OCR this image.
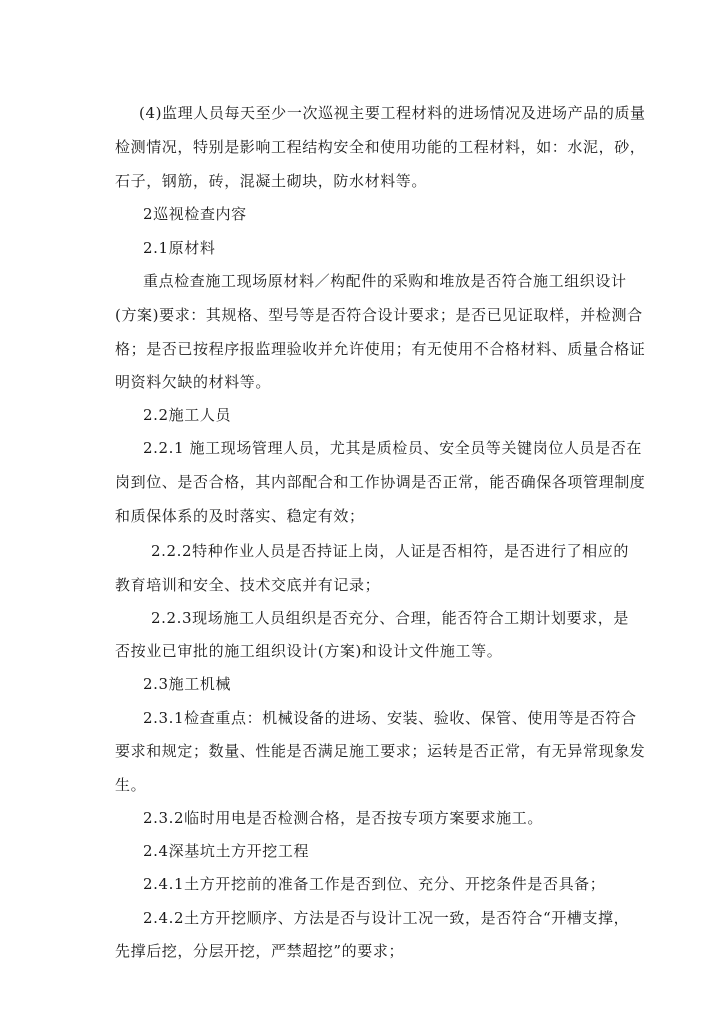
(4)监理人员每天至少一次巡视主要工程材料的进场情况及进场产品的质量
检测情况，特别是影响工程结构安全和使用功能的工程材料，如：水泥，砂，
石子，钢筋，砖，混凝土砌块，防水材料等。
2巡视检查内容
2.1原材料
重点检查施工现场原材料／构配件的采购和堆放是否符合施工组织设计
(方案)要求：其规格、型号等是否符合设计要求；是否已见证取样，并检测合
格；是否已按程序报监理验收并允许使用；有无使用不合格材料、质量合格证
明资料欠缺的材料等。
2.2施工人员
2.2.1 施工现场管理人员，尤其是质检员、安全员等关键岗位人员是否在
岗到位、是否合格，其内部配合和工作协调是否正常，能否确保各项管理制度
和质保体系的及时落实、稳定有效；
2.2.2特种作业人员是否持证上岗，人证是否相符，是否进行了相应的
教育培训和安全、技术交底并有记录；
2.2.3现场施工人员组织是否充分、合理，能否符合工期计划要求，是
否按业已审批的施工组织设计(方案)和设计文件施工等。
2.3施工机械
2.3.1检查重点：机械设备的进场、安装、验收、保管、使用等是否符合
要求和规定；数量、性能是否满足施工要求；运转是否正常，有无异常现象发
生。
2.3.2临时用电是否检测合格，是否按专项方案要求施工。
2.4深基坑土方开挖工程
2.4.1土方开挖前的准备工作是否到位、充分、开挖条件是否具备；
2.4.2土方开挖顺序、方法是否与设计工况一致，是否符合“开槽支撑，
先撑后挖，分层开挖，严禁超挖”的要求；
